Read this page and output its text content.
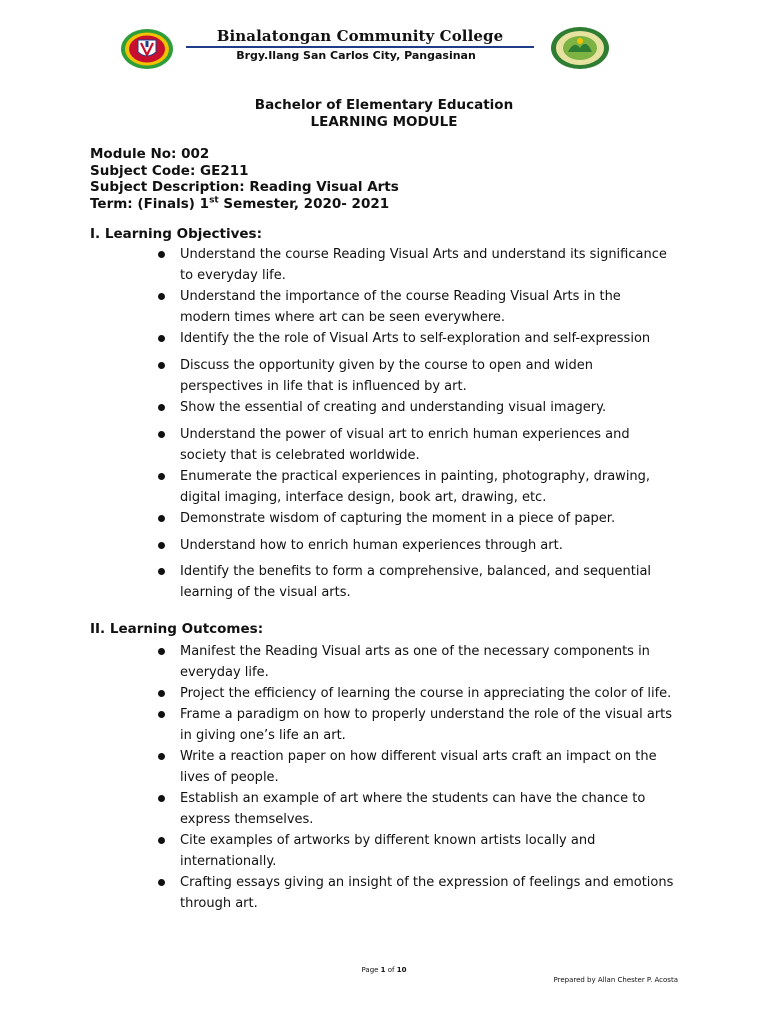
Binalatongan Community College
Brgy.Ilang San Carlos City, Pangasinan
Bachelor of Elementary Education
LEARNING MODULE
Module No: 002
Subject Code: GE211
Subject Description: Reading Visual Arts
Term: (Finals) 1st Semester, 2020- 2021
I. Learning Objectives:
Understand the course Reading Visual Arts and understand its significance to everyday life.
Understand the importance of the course Reading Visual Arts in the modern times where art can be seen everywhere.
Identify the the role of Visual Arts to self-exploration and self-expression
Discuss the opportunity given by the course to open and widen perspectives in life that is influenced by art.
Show the essential of creating and understanding visual imagery.
Understand the power of visual art to enrich human experiences and society that is celebrated worldwide.
Enumerate the practical experiences in painting, photography, drawing, digital imaging, interface design, book art, drawing, etc.
Demonstrate wisdom of capturing the moment in a piece of paper.
Understand how to enrich human experiences through art.
Identify the benefits to form a comprehensive, balanced, and sequential learning of the visual arts.
II. Learning Outcomes:
Manifest the Reading Visual arts as one of the necessary components in everyday life.
Project the efficiency of learning the course in appreciating the color of life.
Frame a paradigm on how to properly understand the role of the visual arts in giving one’s life an art.
Write a reaction paper on how different visual arts craft an impact on the lives of people.
Establish an example of art where the students can have the chance to express themselves.
Cite examples of artworks by different known artists locally and internationally.
Crafting essays giving an insight of the expression of feelings and emotions through art.
Page 1 of 10
Prepared by Allan Chester P. Acosta
